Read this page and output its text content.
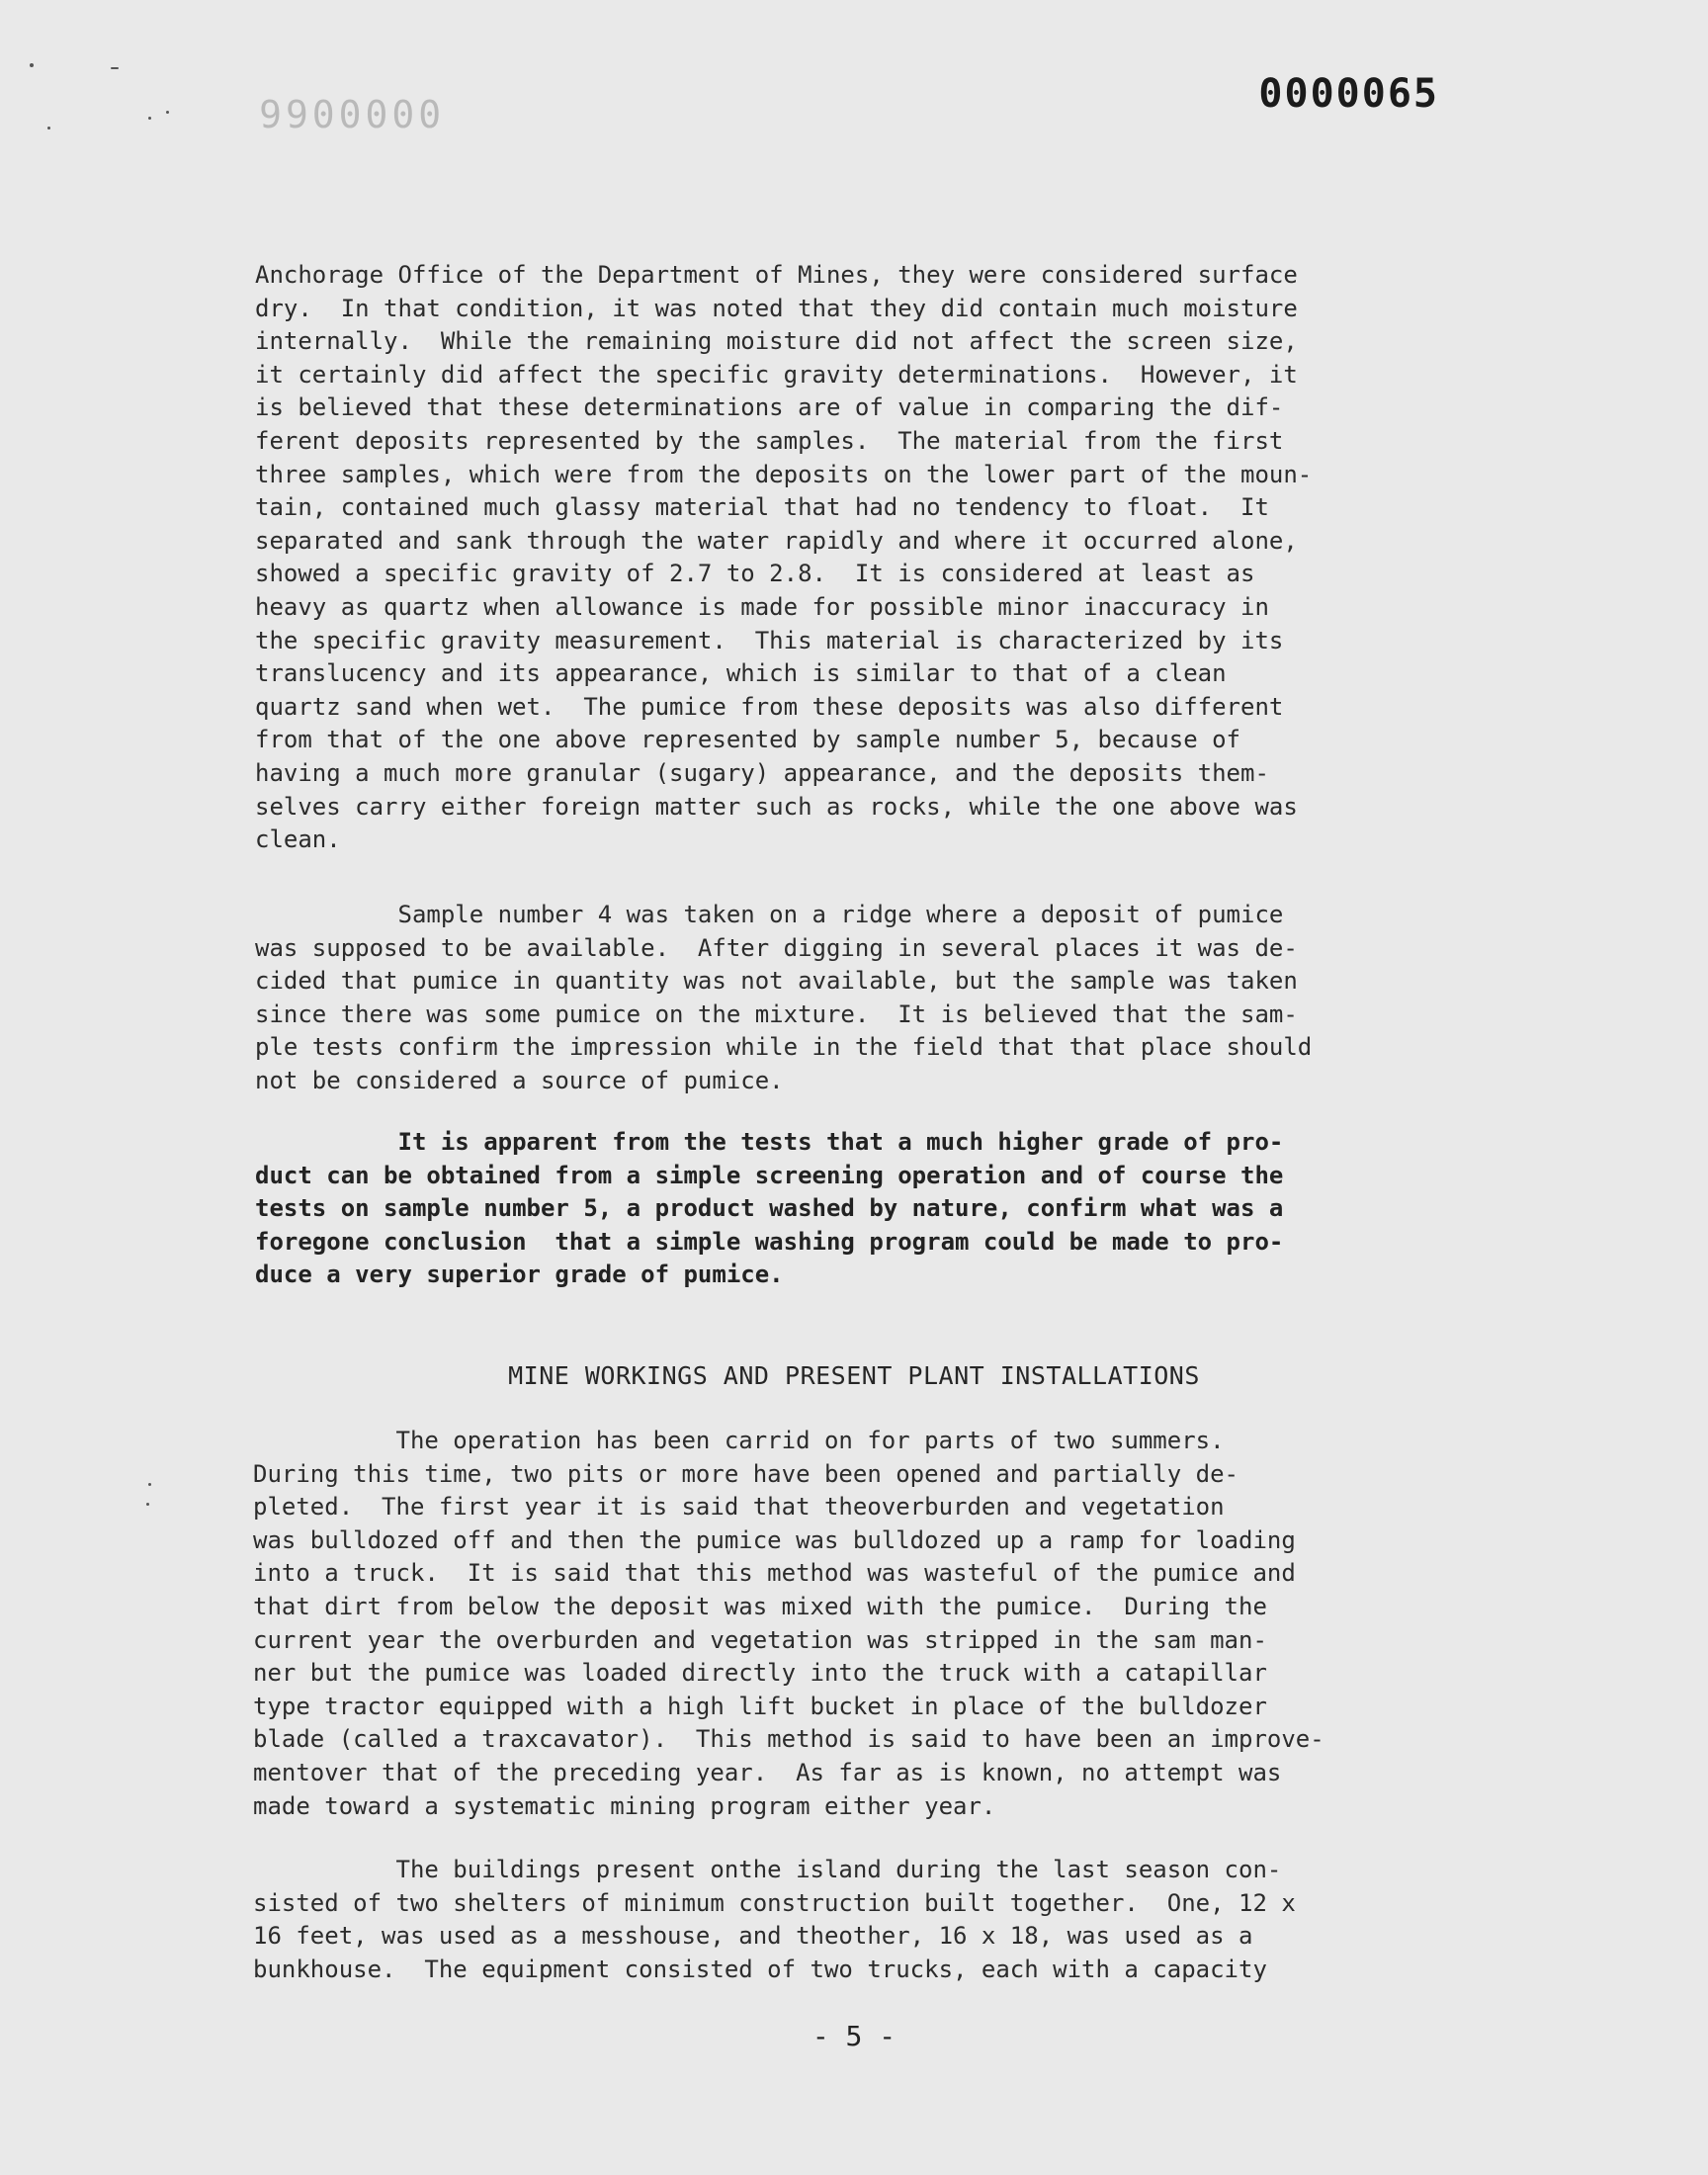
0000066	0000065
Anchorage Office of the Department of Mines, they were considered surface
dry.  In that condition, it was noted that they did contain much moisture
internally.  While the remaining moisture did not affect the screen size,
it certainly did affect the specific gravity determinations.  However, it
is believed that these determinations are of value in comparing the dif-
ferent deposits represented by the samples.  The material from the first
three samples, which were from the deposits on the lower part of the moun-
tain, contained much glassy material that had no tendency to float.  It
separated and sank through the water rapidly and where it occurred alone,
showed a specific gravity of 2.7 to 2.8.  It is considered at least as
heavy as quartz when allowance is made for possible minor inaccuracy in
the specific gravity measurement.  This material is characterized by its
translucency and its appearance, which is similar to that of a clean
quartz sand when wet.  The pumice from these deposits was also different
from that of the one above represented by sample number 5, because of
having a much more granular (sugary) appearance, and the deposits them-
selves carry either foreign matter such as rocks, while the one above was
clean.
Sample number 4 was taken on a ridge where a deposit of pumice
was supposed to be available.  After digging in several places it was de-
cided that pumice in quantity was not available, but the sample was taken
since there was some pumice on the mixture.  It is believed that the sam-
ple tests confirm the impression while in the field that that place should
not be considered a source of pumice.
It is apparent from the tests that a much higher grade of pro-
duct can be obtained from a simple screening operation and of course the
tests on sample number 5, a product washed by nature, confirm what was a
foregone conclusion  that a simple washing program could be made to pro-
duce a very superior grade of pumice.
MINE WORKINGS AND PRESENT PLANT INSTALLATIONS
The operation has been carrid on for parts of two summers.
During this time, two pits or more have been opened and partially de-
pleted.  The first year it is said that theoverburden and vegetation
was bulldozed off and then the pumice was bulldozed up a ramp for loading
into a truck.  It is said that this method was wasteful of the pumice and
that dirt from below the deposit was mixed with the pumice.  During the
current year the overburden and vegetation was stripped in the sam man-
ner but the pumice was loaded directly into the truck with a catapillar
type tractor equipped with a high lift bucket in place of the bulldozer
blade (called a traxcavator).  This method is said to have been an improve-
mentover that of the preceding year.  As far as is known, no attempt was
made toward a systematic mining program either year.
The buildings present onthe island during the last season con-
sisted of two shelters of minimum construction built together.  One, 12 x
16 feet, was used as a messhouse, and theother, 16 x 18, was used as a
bunkhouse.  The equipment consisted of two trucks, each with a capacity
- 5 -
